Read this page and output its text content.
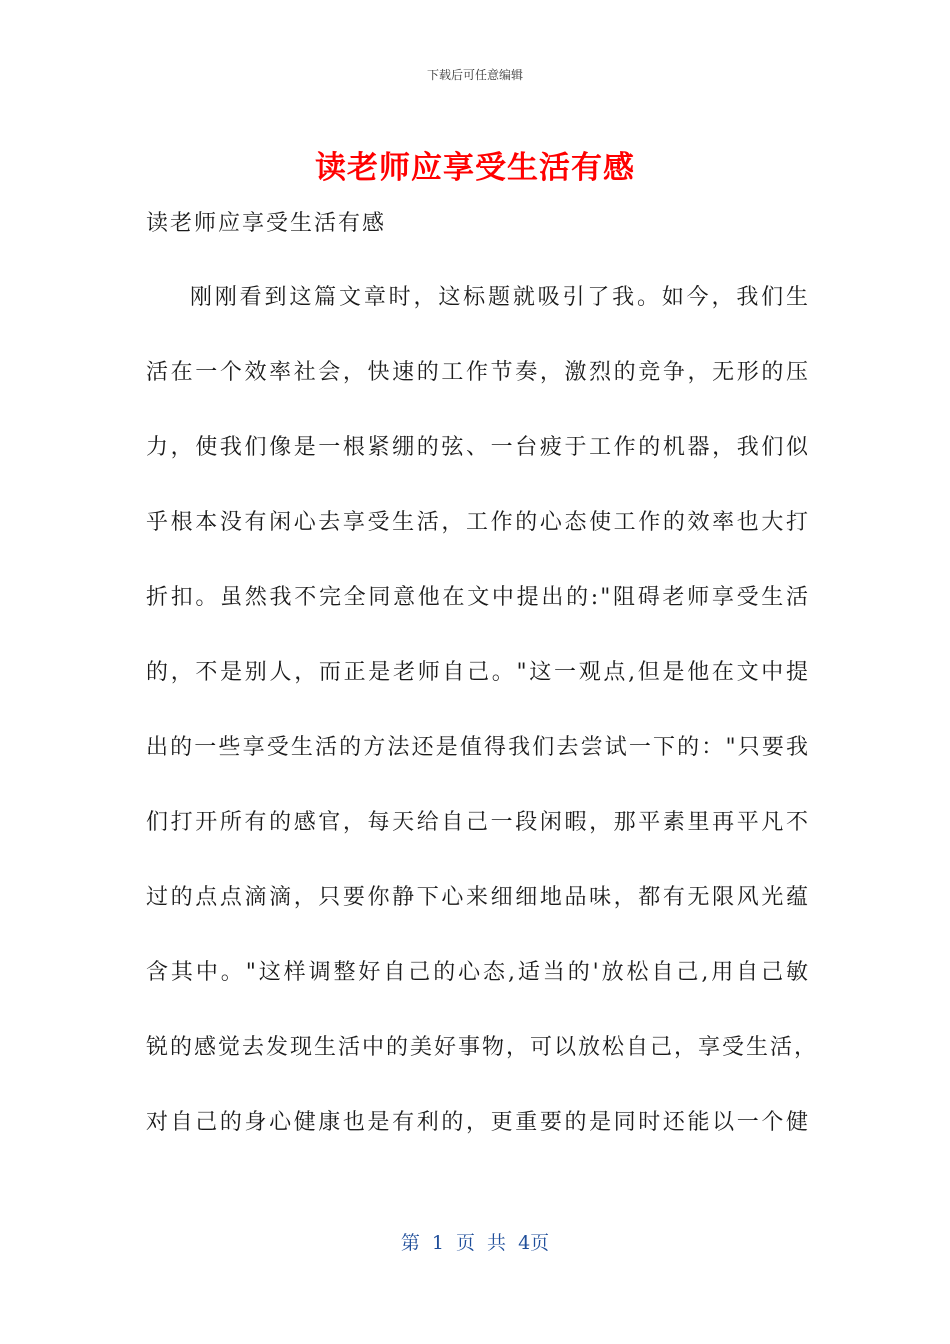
下载后可任意编辑
读老师应享受生活有感
读老师应享受生活有感
刚刚看到这篇文章时，这标题就吸引了我。如今，我们生
活在一个效率社会，快速的工作节奏，激烈的竞争，无形的压
力，使我们像是一根紧绷的弦、一台疲于工作的机器，我们似
乎根本没有闲心去享受生活，工作的心态使工作的效率也大打
折扣。虽然我不完全同意他在文中提出的:"阻碍老师享受生活
的，不是别人，而正是老师自己。"这一观点,但是他在文中提
出的一些享受生活的方法还是值得我们去尝试一下的："只要我
们打开所有的感官，每天给自己一段闲暇，那平素里再平凡不
过的点点滴滴，只要你静下心来细细地品味，都有无限风光蕴
含其中。"这样调整好自己的心态,适当的'放松自己,用自己敏
锐的感觉去发现生活中的美好事物，可以放松自己，享受生活，
对自己的身心健康也是有利的，更重要的是同时还能以一个健
第 1 页 共 4页
